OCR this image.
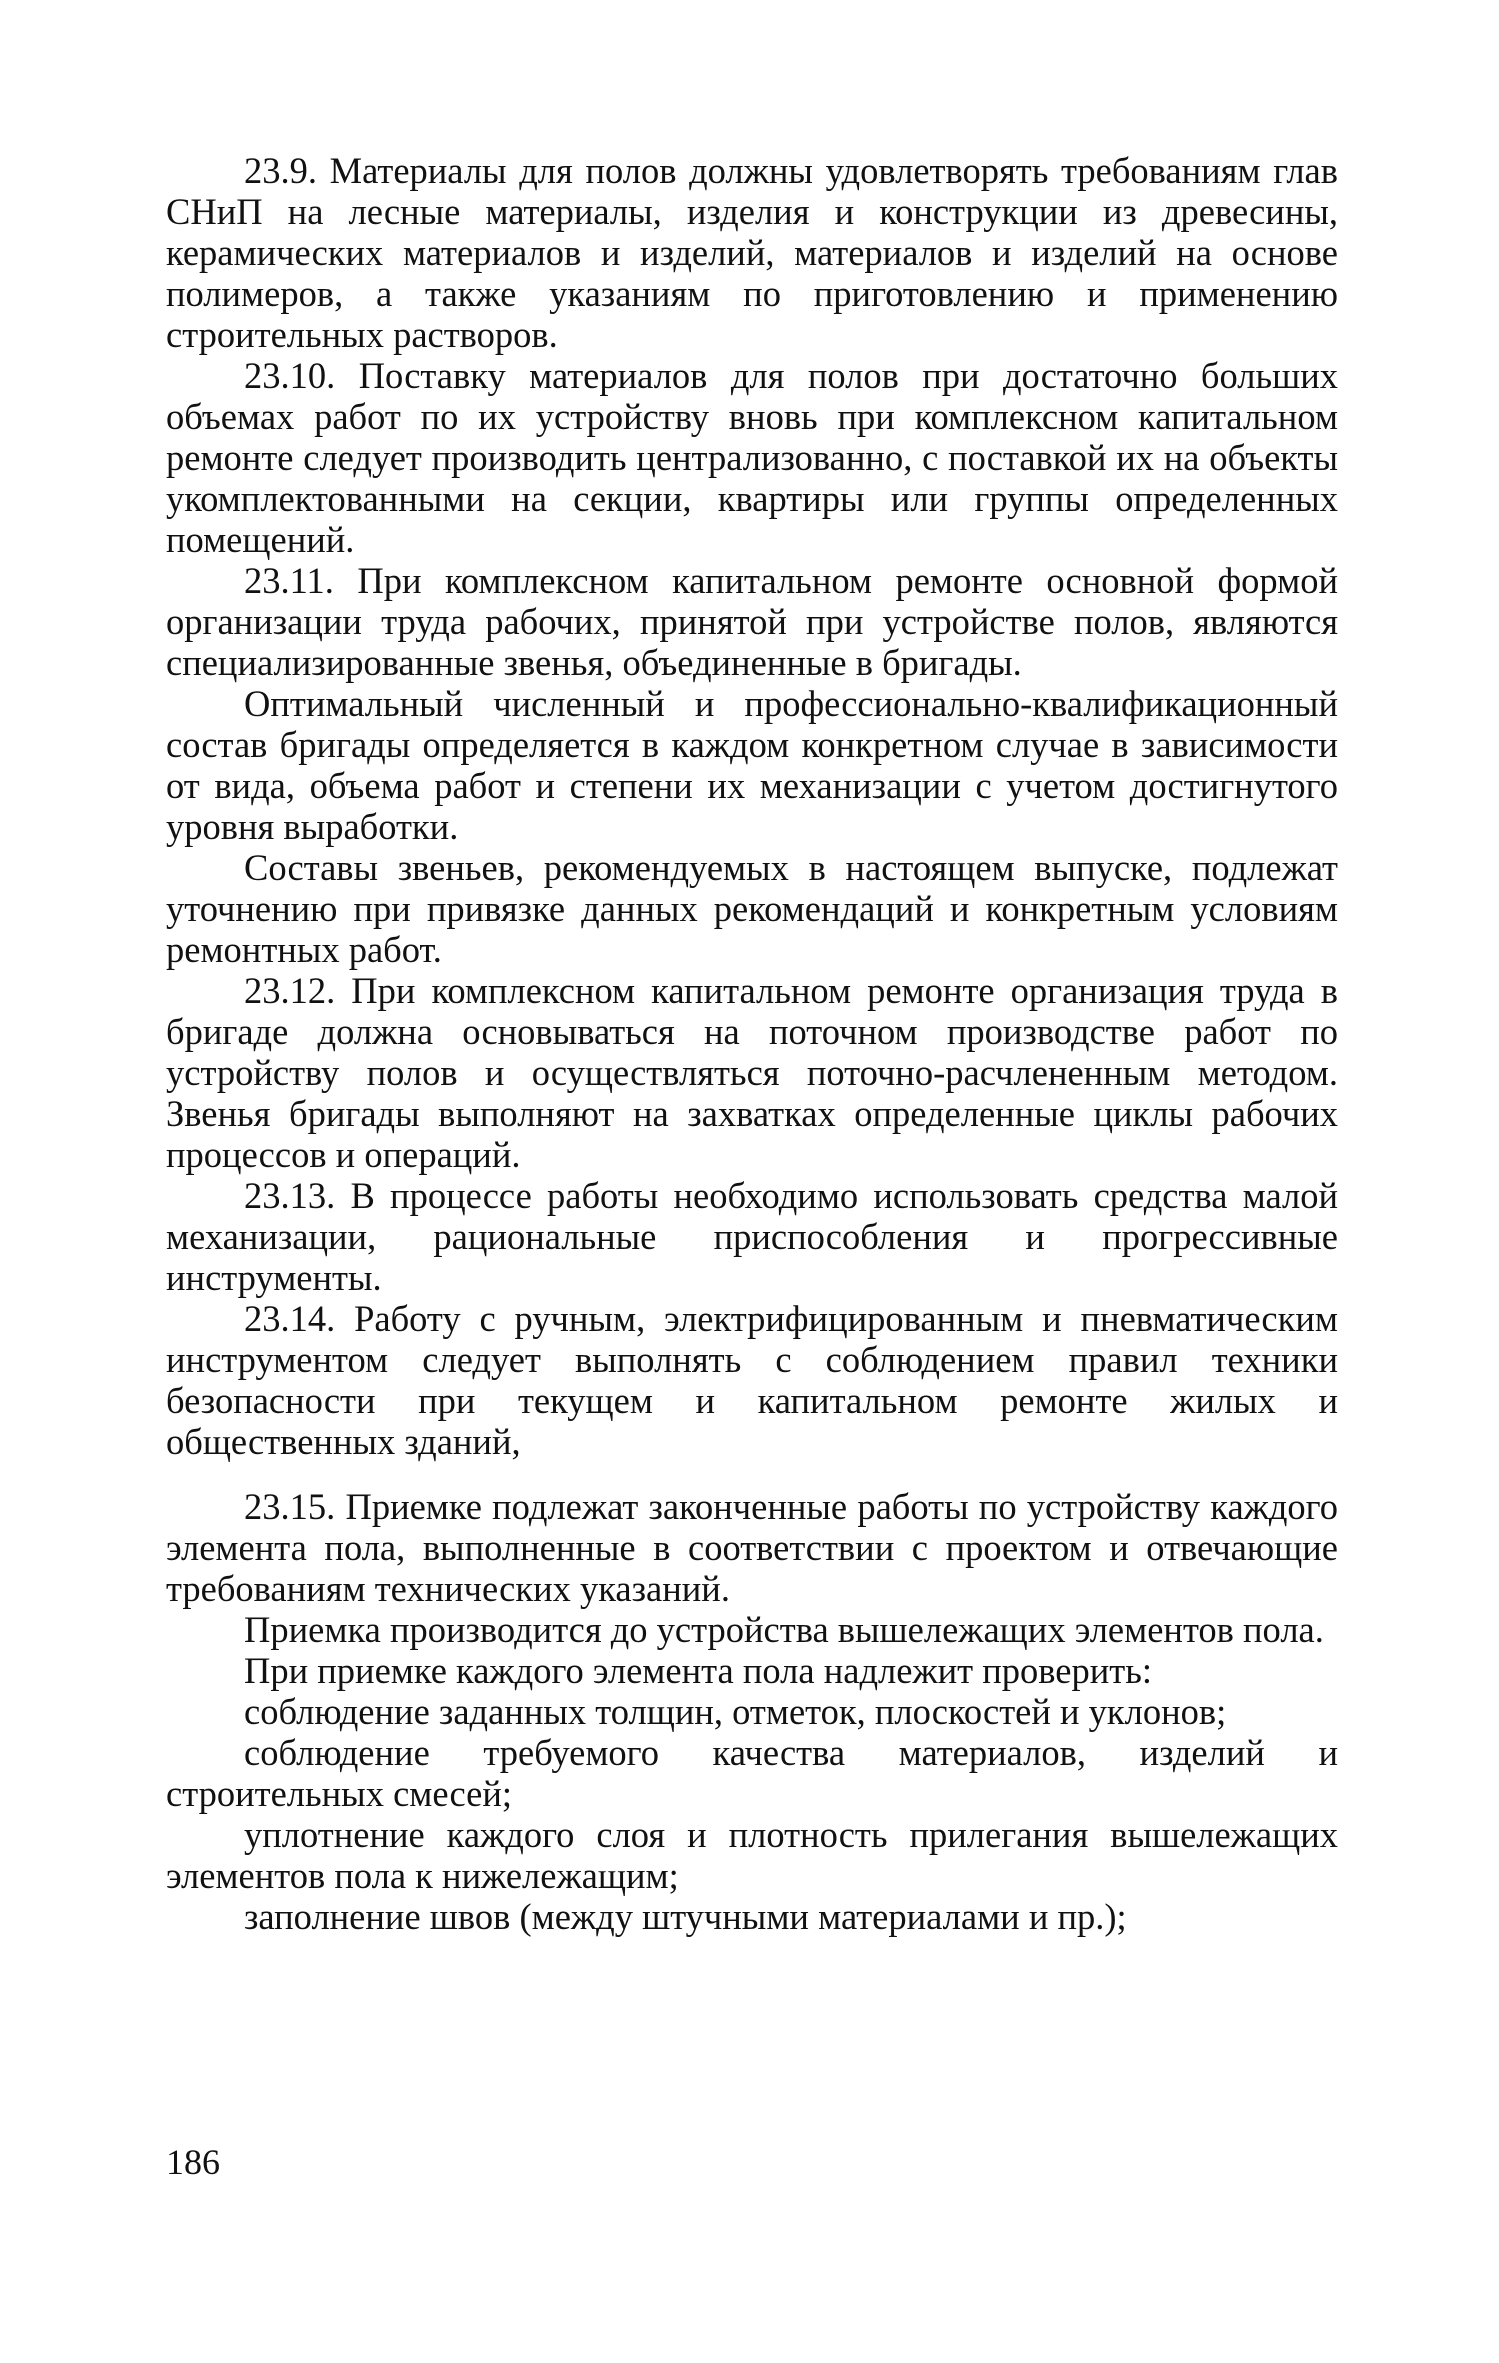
23.9. Материалы для полов должны удовлетворять требованиям глав СНиП на лесные материалы, изделия и конструкции из древесины, керамических материалов и изделий, материалов и изделий на основе полимеров, а также указаниям по приготовлению и применению строительных растворов.

23.10. Поставку материалов для полов при достаточно больших объемах работ по их устройству вновь при комплексном капитальном ремонте следует производить централизованно, с поставкой их на объекты укомплектованными на секции, квартиры или группы определенных помещений.

23.11. При комплексном капитальном ремонте основной формой организации труда рабочих, принятой при устройстве полов, являются специализированные звенья, объединенные в бригады.

Оптимальный численный и профессионально-квалификационный состав бригады определяется в каждом конкретном случае в зависимости от вида, объема работ и степени их механизации с учетом достигнутого уровня выработки.

Составы звеньев, рекомендуемых в настоящем выпуске, подлежат уточнению при привязке данных рекомендаций и конкретным условиям ремонтных работ.

23.12. При комплексном капитальном ремонте организация труда в бригаде должна основываться на поточном производстве работ по устройству полов и осуществляться поточно-расчлененным методом. Звенья бригады выполняют на захватках определенные циклы рабочих процессов и операций.

23.13. В процессе работы необходимо использовать средства малой механизации, рациональные приспособления и прогрессивные инструменты.

23.14. Работу с ручным, электрифицированным и пневматическим инструментом следует выполнять с соблюдением правил техники безопасности при текущем и капитальном ремонте жилых и общественных зданий,

23.15. Приемке подлежат законченные работы по устройству каждого элемента пола, выполненные в соответствии с проектом и отвечающие требованиям технических указаний.

Приемка производится до устройства вышележащих элементов пола.

При приемке каждого элемента пола надлежит проверить:

соблюдение заданных толщин, отметок, плоскостей и уклонов;

соблюдение требуемого качества материалов, изделий и строительных смесей;

уплотнение каждого слоя и плотность прилегания вышележащих элементов пола к нижележащим;

заполнение швов (между штучными материалами и пр.);

186
